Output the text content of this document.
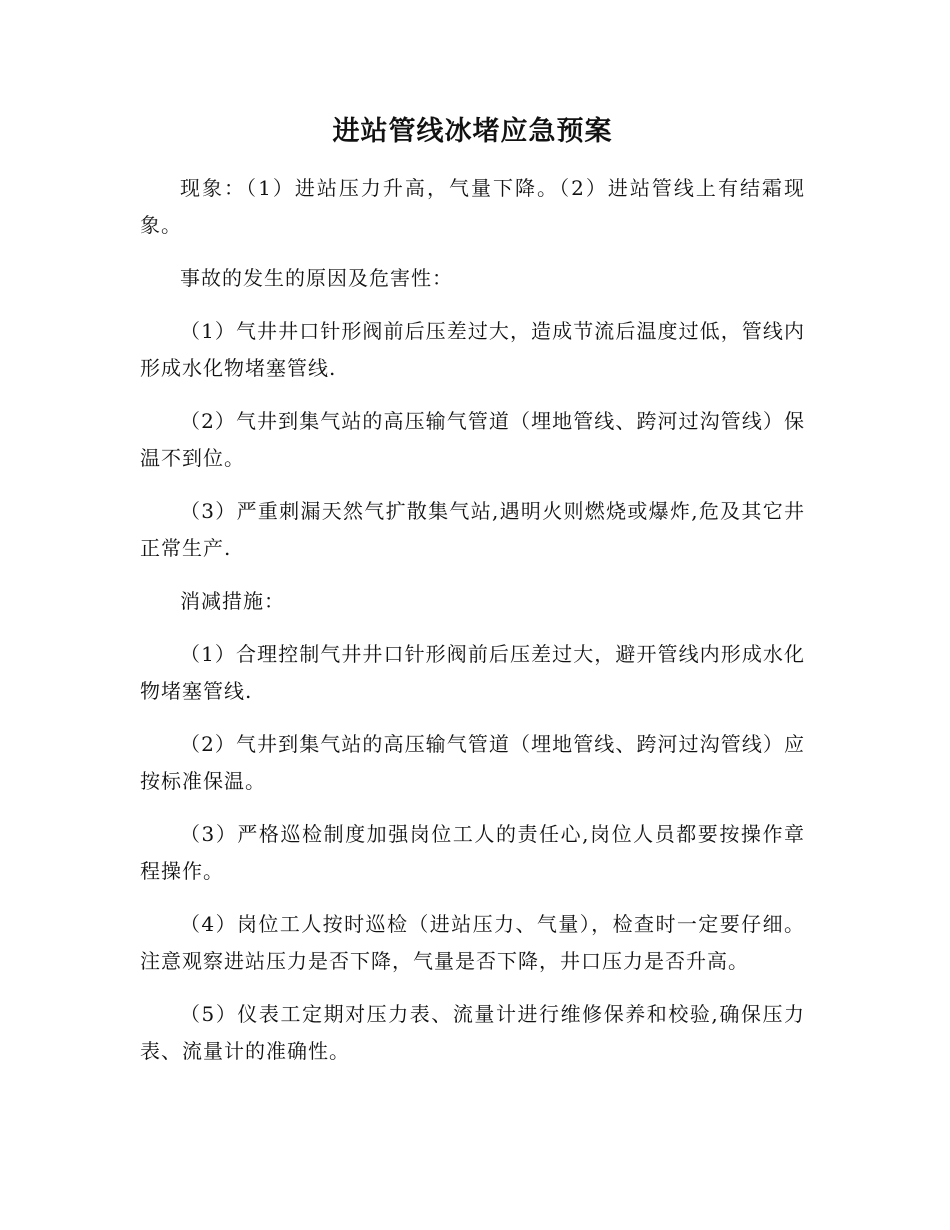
进站管线冰堵应急预案

现象：（1）进站压力升高，气量下降。（2）进站管线上有结霜现象。

事故的发生的原因及危害性：

（1）气井井口针形阀前后压差过大，造成节流后温度过低，管线内形成水化物堵塞管线.

（2）气井到集气站的高压输气管道（埋地管线、跨河过沟管线）保温不到位。

（3）严重刺漏天然气扩散集气站,遇明火则燃烧或爆炸,危及其它井正常生产.

消减措施：

（1）合理控制气井井口针形阀前后压差过大，避开管线内形成水化物堵塞管线.

（2）气井到集气站的高压输气管道（埋地管线、跨河过沟管线）应按标准保温。

（3）严格巡检制度加强岗位工人的责任心,岗位人员都要按操作章程操作。

（4）岗位工人按时巡检（进站压力、气量），检查时一定要仔细。注意观察进站压力是否下降，气量是否下降，井口压力是否升高。

（5）仪表工定期对压力表、流量计进行维修保养和校验,确保压力表、流量计的准确性。
